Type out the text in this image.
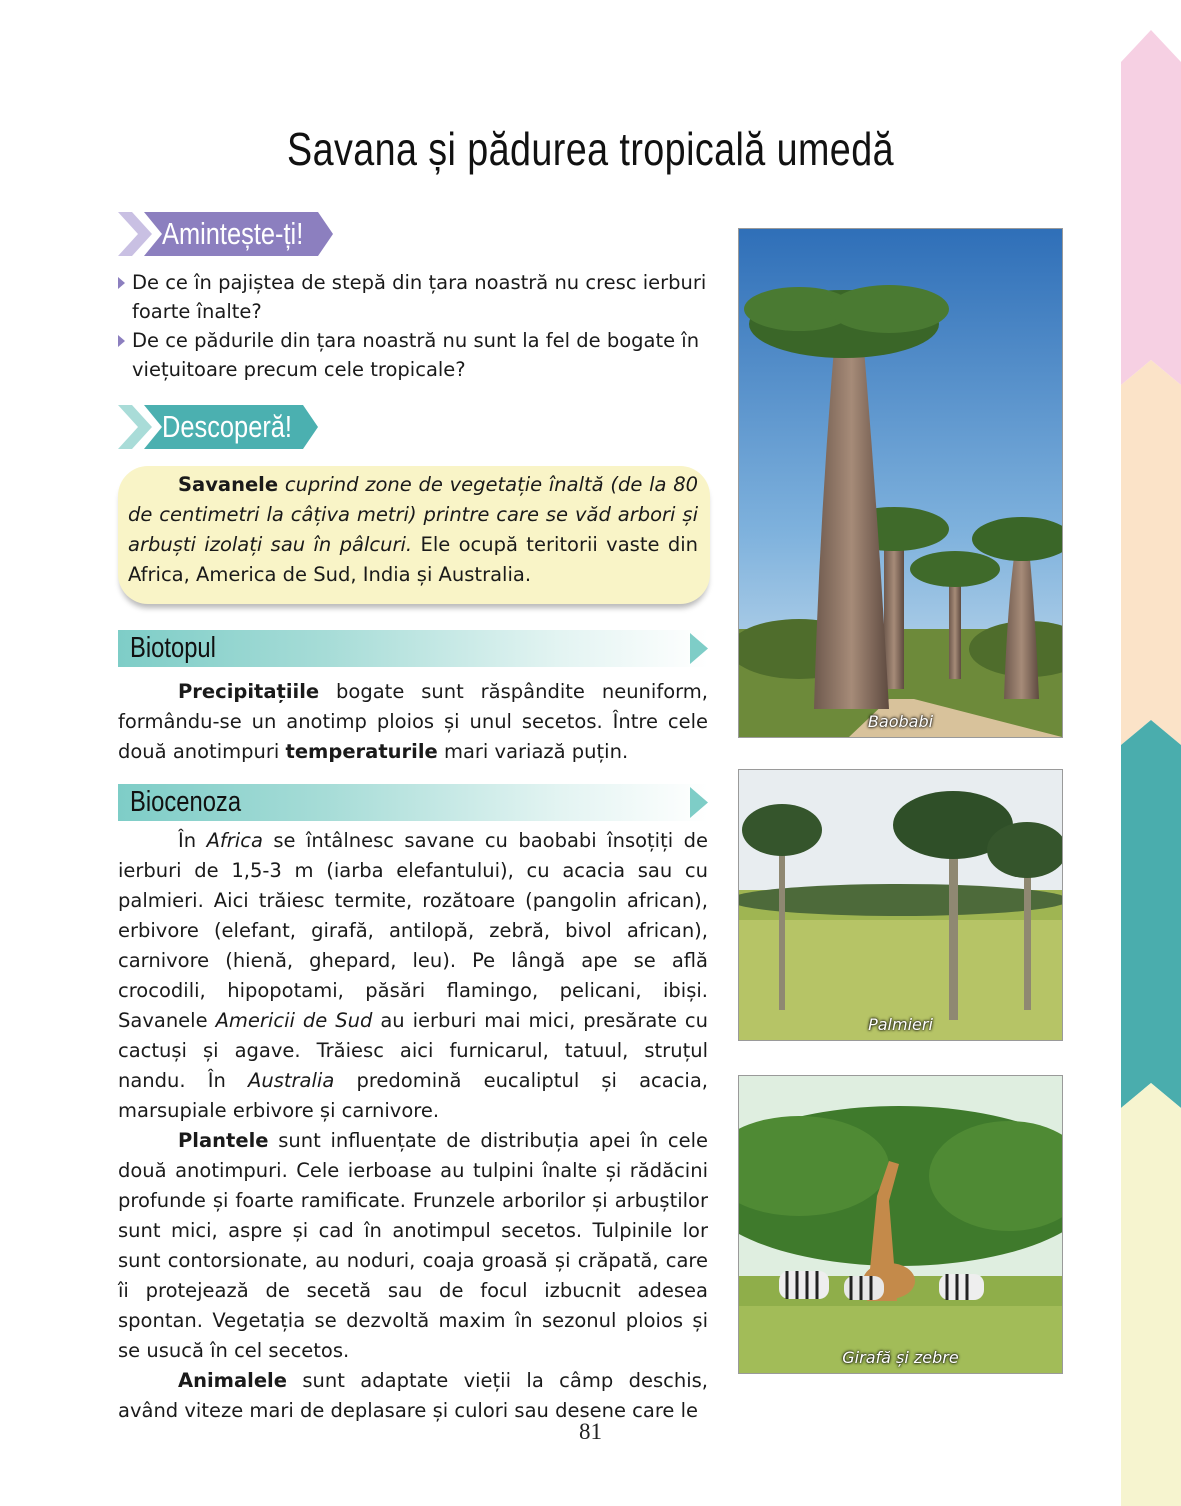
Savana și pădurea tropicală umedă
Amintește-ți!
De ce în pajiștea de stepă din țara noastră nu cresc ierburi foarte înalte?
De ce pădurile din țara noastră nu sunt la fel de bogate în viețuitoare precum cele tropicale?
Descoperă!

Savanele cuprind zone de vegetație înaltă (de la 80 de centimetri la câțiva metri) printre care se văd arbori și arbuști izolați sau în pâlcuri. Ele ocupă teritorii vaste din Africa, America de Sud, India și Australia.

Biotopul

Precipitațiile bogate sunt răspândite neuniform, formându-se un anotimp ploios și unul secetos. Între cele două anotimpuri temperaturile mari variază puțin.

Biocenoza

În Africa se întâlnesc savane cu baobabi însoțiți de ierburi de 1,5-3 m (iarba elefantului), cu acacia sau cu palmieri. Aici trăiesc termite, rozătoare (pangolin african), erbivore (elefant, girafă, antilopă, zebră, bivol african), carnivore (hienă, ghepard, leu). Pe lângă ape se află crocodili, hipopotami, păsări flamingo, pelicani, ibiși. Savanele Americii de Sud au ierburi mai mici, presărate cu cactuși și agave. Trăiesc aici furnicarul, tatuul, struțul nandu. În Australia predomină eucaliptul și acacia, marsupiale erbivore și carnivore.

Plantele sunt influențate de distribuția apei în cele două anotimpuri. Cele ierboase au tulpini înalte și rădăcini profunde și foarte ramificate. Frunzele arborilor și arbuștilor sunt mici, aspre și cad în anotimpul secetos. Tulpinile lor sunt contorsionate, au noduri, coaja groasă și crăpată, care îi protejează de secetă sau de focul izbucnit adesea spontan. Vegetația se dezvoltă maxim în sezonul ploios și se usucă în cel secetos.

Animalele sunt adaptate vieții la câmp deschis, având viteze mari de deplasare și culori sau desene care le

Baobabi
Palmieri
Girafă și zebre
81
